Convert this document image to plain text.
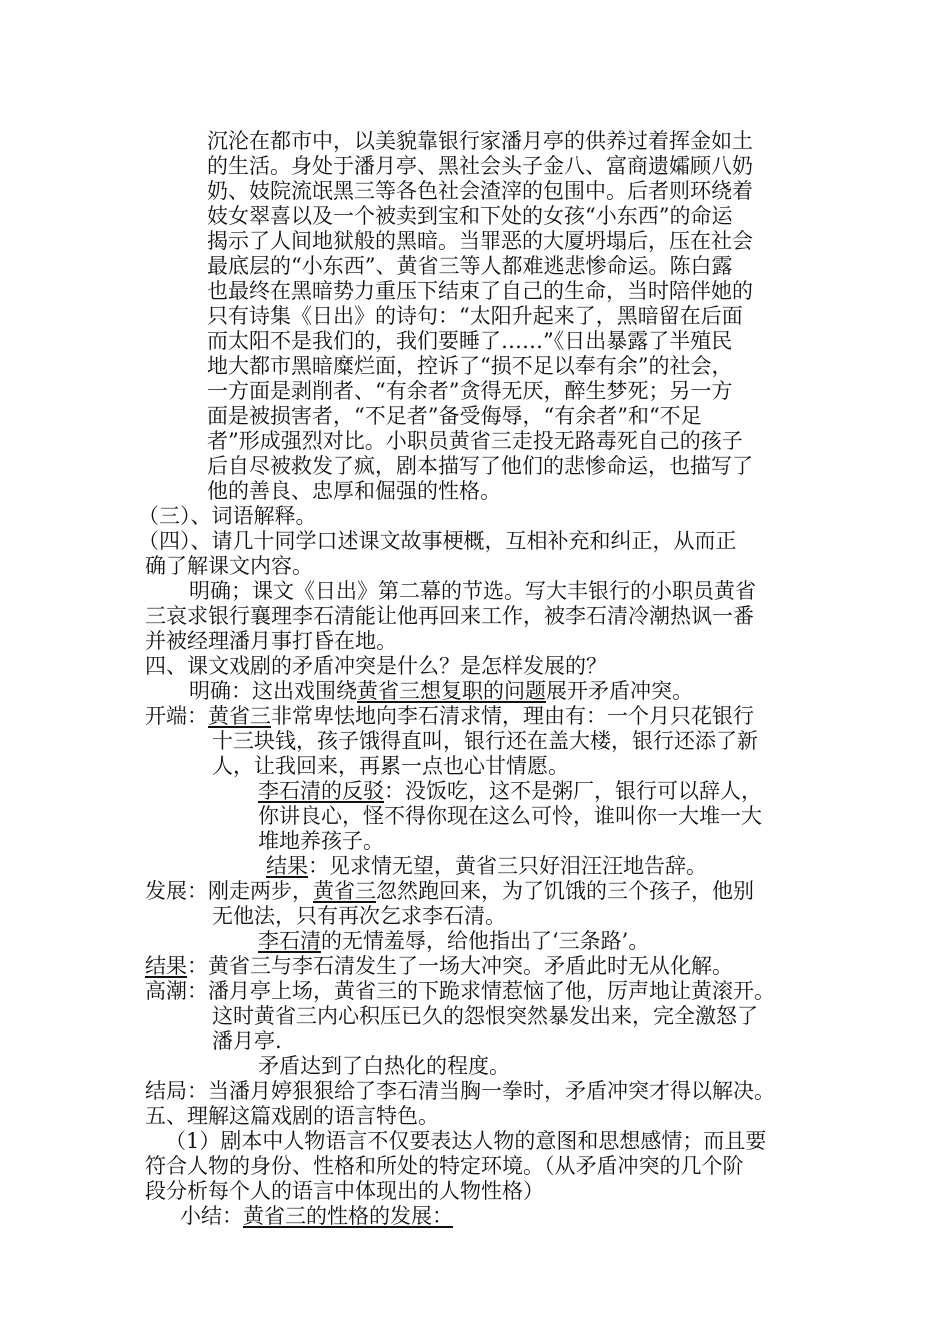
沉沦在都市中，以美貌靠银行家潘月亭的供养过着挥金如土
的生活。身处于潘月亭、黑社会头子金八、富商遗孀顾八奶
奶、妓院流氓黑三等各色社会渣滓的包围中。后者则环绕着
妓女翠喜以及一个被卖到宝和下处的女孩“小东西”的命运
揭示了人间地狱般的黑暗。当罪恶的大厦坍塌后，压在社会
最底层的“小东西”、黄省三等人都难逃悲惨命运。陈白露
也最终在黑暗势力重压下结束了自己的生命，当时陪伴她的
只有诗集《日出》的诗句：“太阳升起来了，黑暗留在后面
而太阳不是我们的，我们要睡了……”《日出暴露了半殖民
地大都市黑暗糜烂面，控诉了“损不足以奉有余”的社会，
一方面是剥削者、“有余者”贪得无厌，醉生梦死；另一方
面是被损害者，“不足者”备受侮辱，“有余者”和“不足
者”形成强烈对比。小职员黄省三走投无路毒死自己的孩子
后自尽被救发了疯，剧本描写了他们的悲惨命运，也描写了
他的善良、忠厚和倔强的性格。
（三）、词语解释。
（四）、请几十同学口述课文故事梗概，互相补充和纠正，从而正
确了解课文内容。
明确；课文《日出》第二幕的节选。写大丰银行的小职员黄省
三哀求银行襄理李石清能让他再回来工作，被李石清冷潮热讽一番
并被经理潘月事打昏在地。
四、课文戏剧的矛盾冲突是什么？是怎样发展的？
明确：这出戏围绕黄省三想复职的问题展开矛盾冲突。
开端：黄省三非常卑怯地向李石清求情，理由有：一个月只花银行
十三块钱，孩子饿得直叫，银行还在盖大楼，银行还添了新
人，让我回来，再累一点也心甘情愿。
李石清的反驳：没饭吃，这不是粥厂，银行可以辞人，
你讲良心，怪不得你现在这么可怜，谁叫你一大堆一大
堆地养孩子。
结果：见求情无望，黄省三只好泪汪汪地告辞。
发展：刚走两步，黄省三忽然跑回来，为了饥饿的三个孩子，他别
无他法，只有再次乞求李石清。
李石清的无情羞辱，给他指出了‘三条路’。
结果：黄省三与李石清发生了一场大冲突。矛盾此时无从化解。
高潮：潘月亭上场，黄省三的下跪求情惹恼了他，厉声地让黄滚开。
这时黄省三内心积压已久的怨恨突然暴发出来，完全激怒了
潘月亭.
矛盾达到了白热化的程度。
结局：当潘月婷狠狠给了李石清当胸一拳时，矛盾冲突才得以解决。
五、理解这篇戏剧的语言特色。
（1）剧本中人物语言不仅要表达人物的意图和思想感情；而且要
符合人物的身份、性格和所处的特定环境。（从矛盾冲突的几个阶
段分析每个人的语言中体现出的人物性格）
小结：黄省三的性格的发展：
